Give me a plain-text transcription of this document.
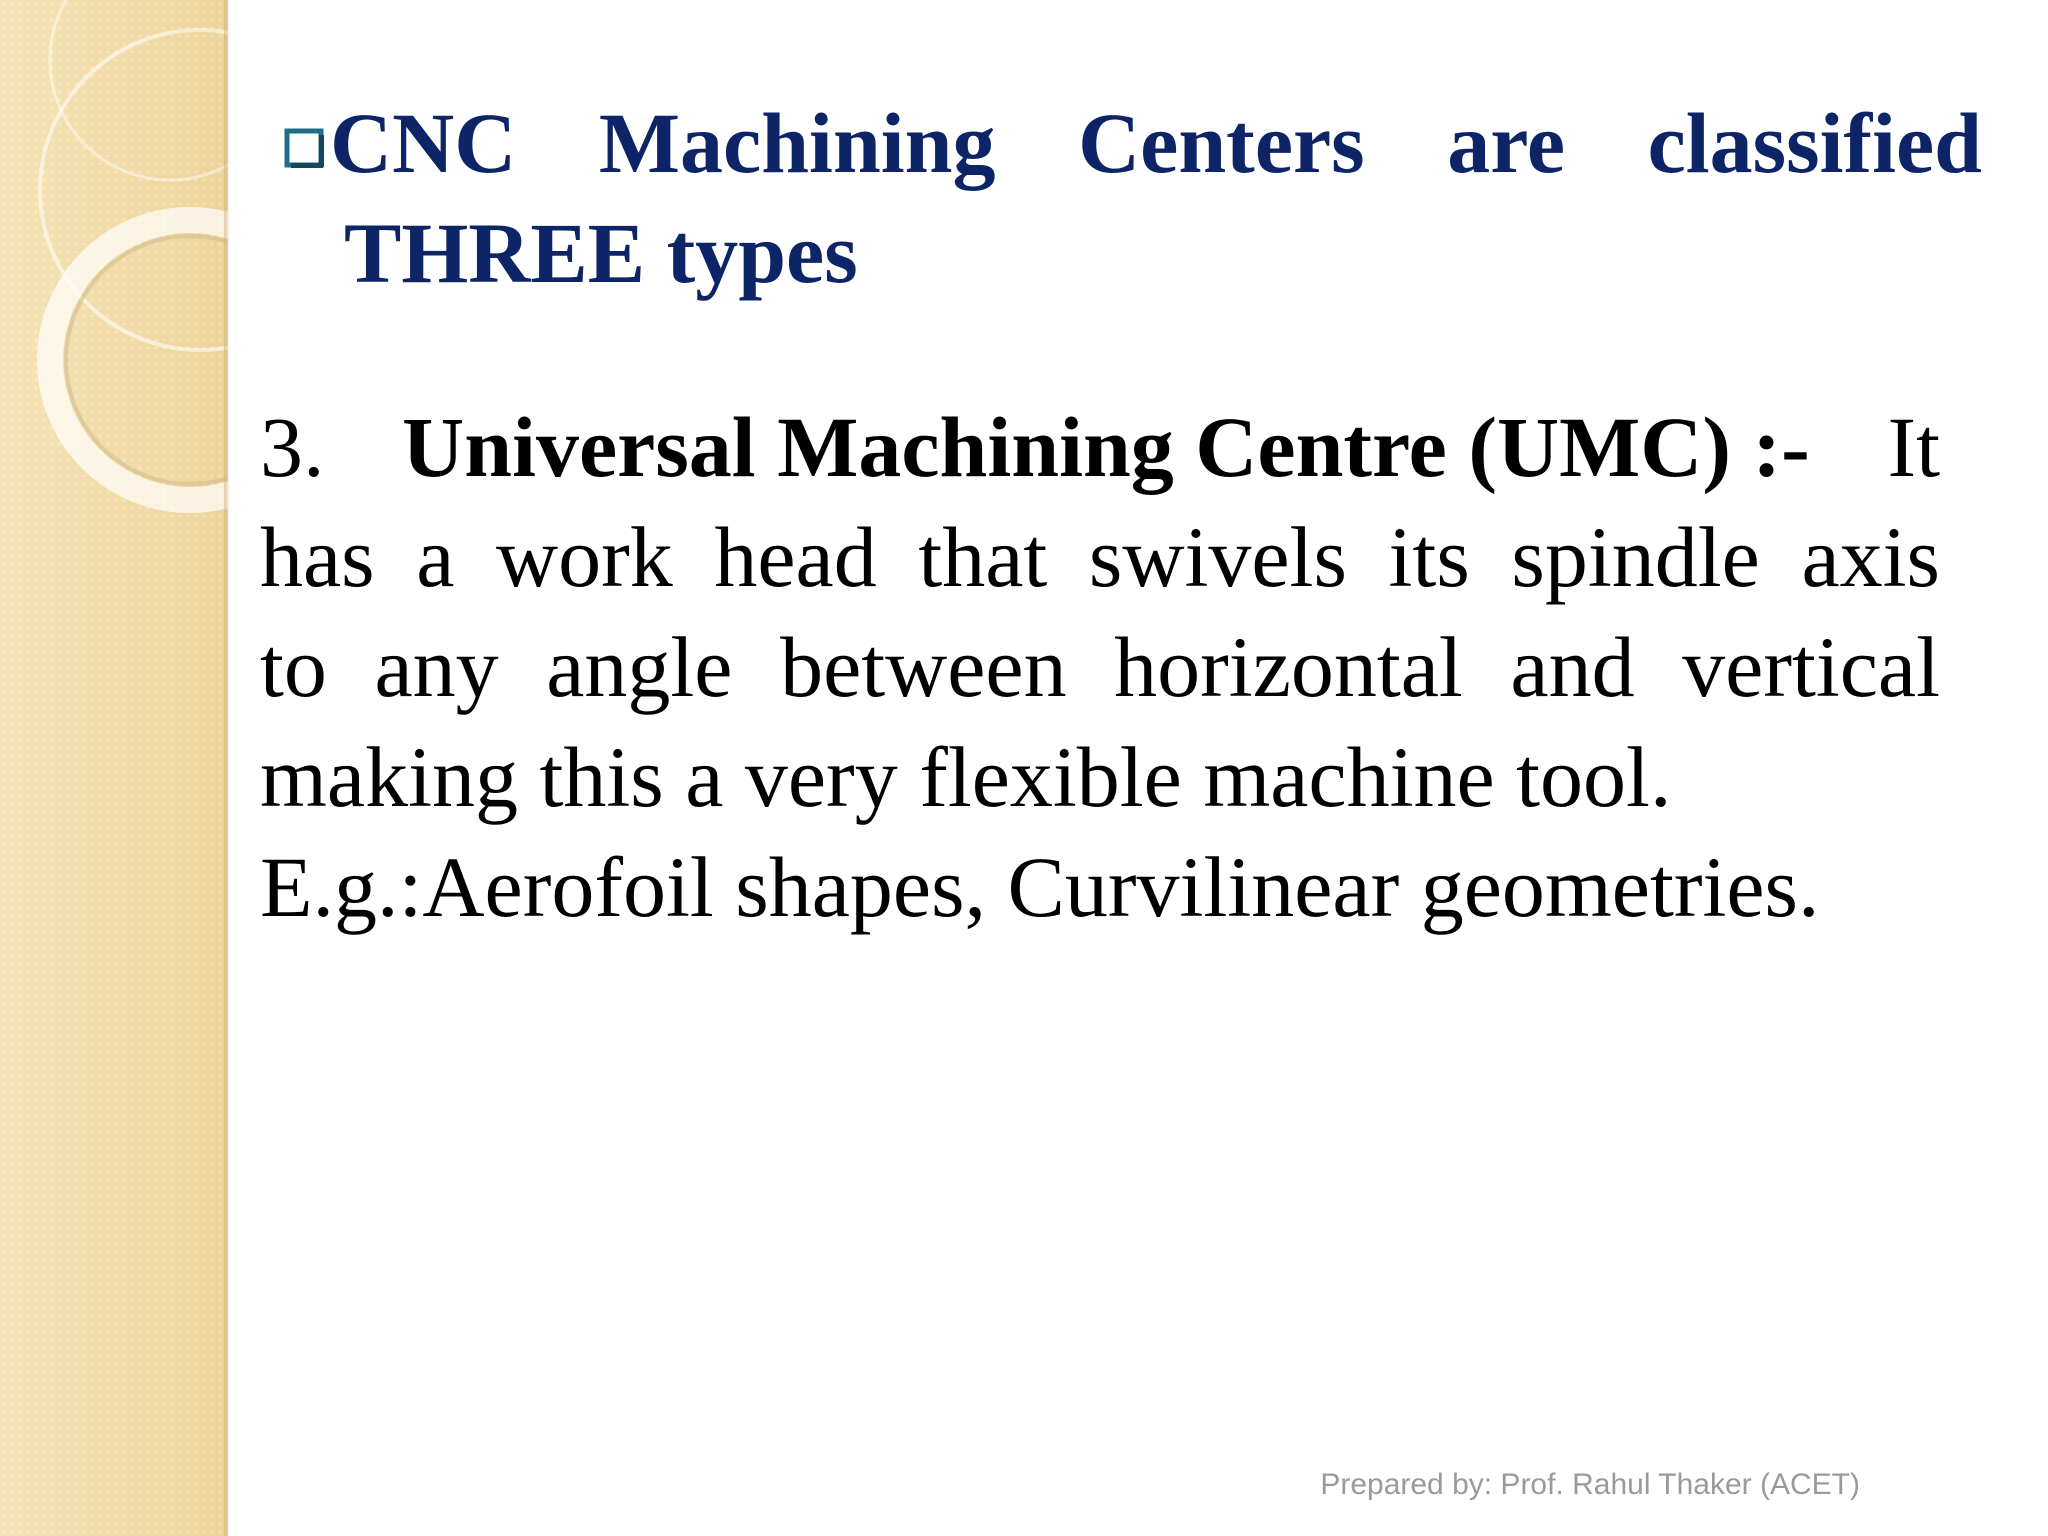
CNC Machining Centers are classified
THREE types
3. Universal Machining Centre (UMC) :- It
has a work head that swivels its spindle axis
to any angle between horizontal and vertical
making this a very flexible machine tool.
E.g.:Aerofoil shapes, Curvilinear geometries.
Prepared by: Prof. Rahul Thaker (ACET)
